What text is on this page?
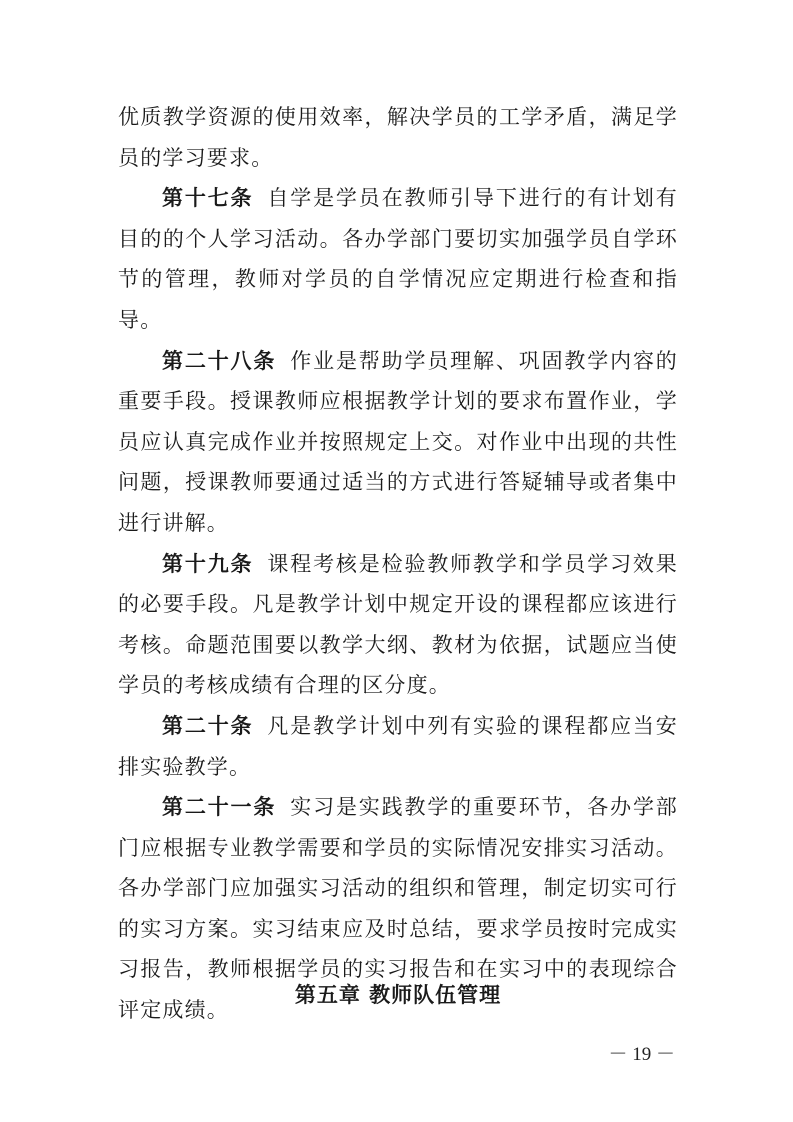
优质教学资源的使用效率，解决学员的工学矛盾，满足学员的学习要求。

第十七条 自学是学员在教师引导下进行的有计划有目的的个人学习活动。各办学部门要切实加强学员自学环节的管理，教师对学员的自学情况应定期进行检查和指导。

第二十八条 作业是帮助学员理解、巩固教学内容的重要手段。授课教师应根据教学计划的要求布置作业，学员应认真完成作业并按照规定上交。对作业中出现的共性问题，授课教师要通过适当的方式进行答疑辅导或者集中进行讲解。

第十九条 课程考核是检验教师教学和学员学习效果的必要手段。凡是教学计划中规定开设的课程都应该进行考核。命题范围要以教学大纲、教材为依据，试题应当使学员的考核成绩有合理的区分度。

第二十条 凡是教学计划中列有实验的课程都应当安排实验教学。

第二十一条 实习是实践教学的重要环节，各办学部门应根据专业教学需要和学员的实际情况安排实习活动。各办学部门应加强实习活动的组织和管理，制定切实可行的实习方案。实习结束应及时总结，要求学员按时完成实习报告，教师根据学员的实习报告和在实习中的表现综合评定成绩。

第五章 教师队伍管理
－ 19 －
